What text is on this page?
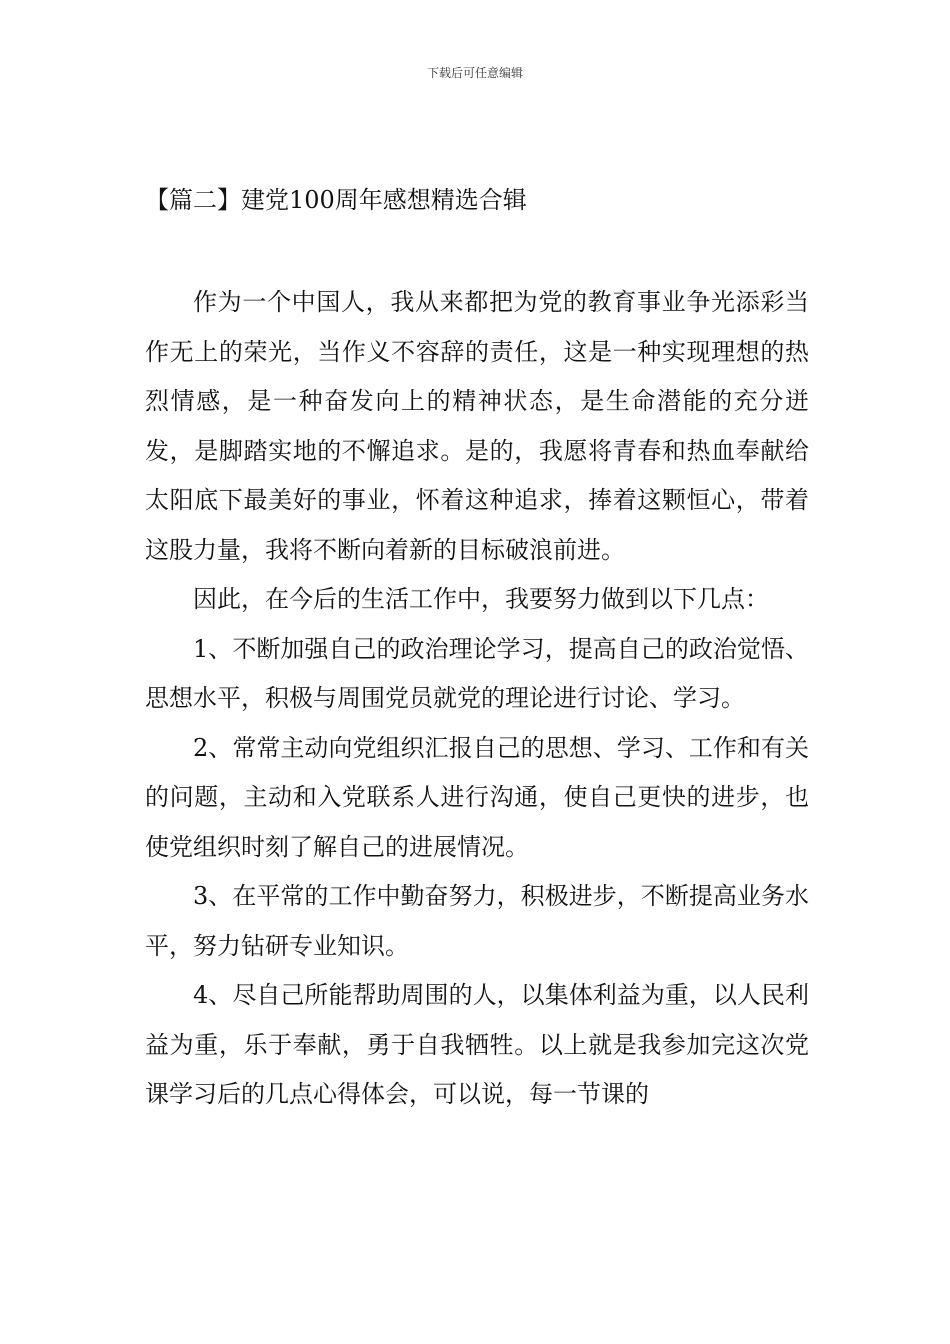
下载后可任意编辑
【篇二】建党100周年感想精选合辑

作为一个中国人，我从来都把为党的教育事业争光添彩当作无上的荣光，当作义不容辞的责任，这是一种实现理想的热烈情感，是一种奋发向上的精神状态，是生命潜能的充分迸发，是脚踏实地的不懈追求。是的，我愿将青春和热血奉献给太阳底下最美好的事业，怀着这种追求，捧着这颗恒心，带着这股力量，我将不断向着新的目标破浪前进。

因此，在今后的生活工作中，我要努力做到以下几点：

1、不断加强自己的政治理论学习，提高自己的政治觉悟、思想水平，积极与周围党员就党的理论进行讨论、学习。

2、常常主动向党组织汇报自己的思想、学习、工作和有关的问题，主动和入党联系人进行沟通，使自己更快的进步，也使党组织时刻了解自己的进展情况。

3、在平常的工作中勤奋努力，积极进步，不断提高业务水平，努力钻研专业知识。

4、尽自己所能帮助周围的人，以集体利益为重，以人民利益为重，乐于奉献，勇于自我牺牲。以上就是我参加完这次党课学习后的几点心得体会，可以说，每一节课的
